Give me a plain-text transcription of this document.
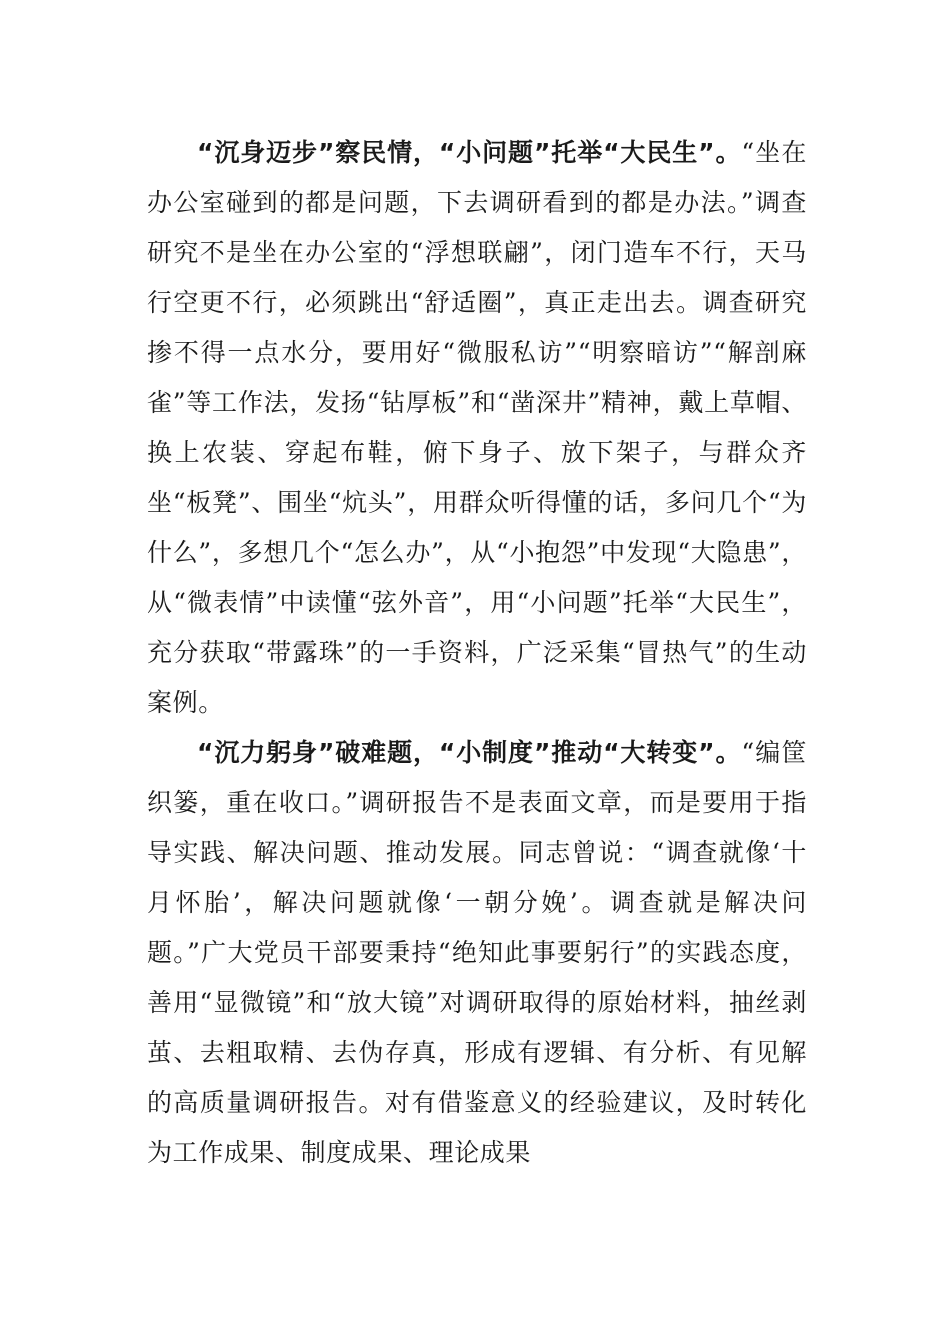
“沉身迈步”察民情，“小问题”托举“大民生”。“坐在办公室碰到的都是问题，下去调研看到的都是办法。”调查研究不是坐在办公室的“浮想联翩”，闭门造车不行，天马行空更不行，必须跳出“舒适圈”，真正走出去。调查研究掺不得一点水分，要用好“微服私访”“明察暗访”“解剖麻雀”等工作法，发扬“钻厚板”和“凿深井”精神，戴上草帽、换上农装、穿起布鞋，俯下身子、放下架子，与群众齐坐“板凳”、围坐“炕头”，用群众听得懂的话，多问几个“为什么”，多想几个“怎么办”，从“小抱怨”中发现“大隐患”，从“微表情”中读懂“弦外音”，用“小问题”托举“大民生”，充分获取“带露珠”的一手资料，广泛采集“冒热气”的生动案例。

“沉力躬身”破难题，“小制度”推动“大转变”。“编筐织篓，重在收口。”调研报告不是表面文章，而是要用于指导实践、解决问题、推动发展。同志曾说：“调查就像‘十月怀胎’，解决问题就像‘一朝分娩’。调查就是解决问题。”广大党员干部要秉持“绝知此事要躬行”的实践态度，善用“显微镜”和“放大镜”对调研取得的原始材料，抽丝剥茧、去粗取精、去伪存真，形成有逻辑、有分析、有见解的高质量调研报告。对有借鉴意义的经验建议，及时转化为工作成果、制度成果、理论成果
